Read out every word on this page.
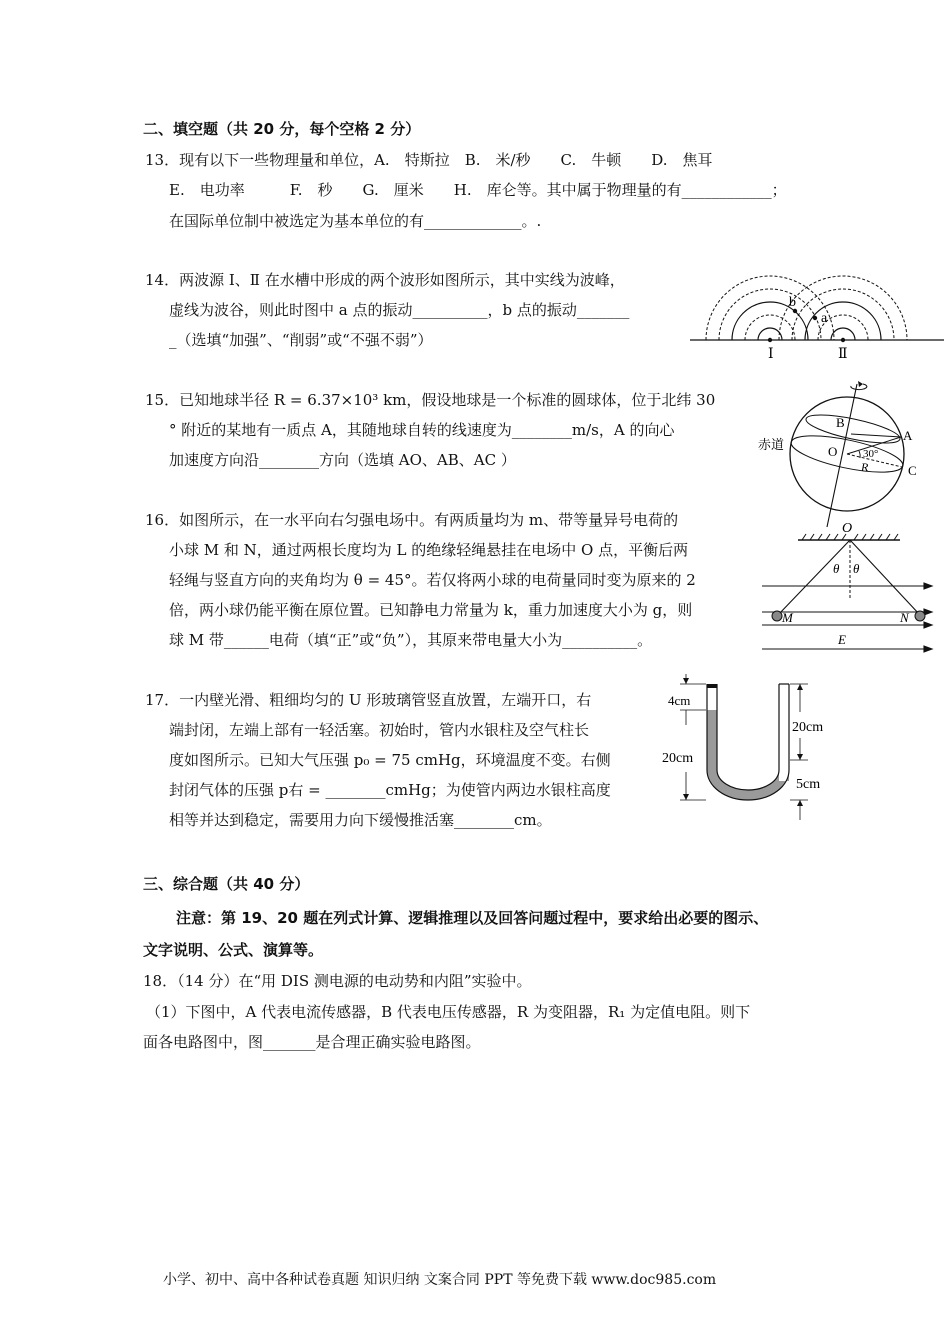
二、填空题（共 20 分，每个空格 2 分）
13．现有以下一些物理量和单位，A.　特斯拉　B.　米/秒　　C.　牛顿　　D.　焦耳
E.　电功率　　　F.　秒　　G.　厘米　　H.　库仑等。其中属于物理量的有____________；
在国际单位制中被选定为基本单位的有_____________。.
14．两波源 Ⅰ、Ⅱ 在水槽中形成的两个波形如图所示，其中实线为波峰，
虚线为波谷，则此时图中 a 点的振动__________，b 点的振动_______
_（选填“加强”、“削弱”或“不强不弱”）
b
a
Ⅰ	Ⅱ
15．已知地球半径 R = 6.37×10³ km，假设地球是一个标准的圆球体，位于北纬 30
° 附近的某地有一质点 A，其随地球自转的线速度为________m/s，A 的向心
加速度方向沿________方向（选填 AO、AB、AC ）
赤道
B
A
O 30°
R	C
16．如图所示，在一水平向右匀强电场中。有两质量均为 m、带等量异号电荷的
小球 M 和 N，通过两根长度均为 L 的绝缘轻绳悬挂在电场中 O 点，平衡后两
轻绳与竖直方向的夹角均为 θ = 45°。若仅将两小球的电荷量同时变为原来的 2
倍，两小球仍能平衡在原位置。已知静电力常量为 k，重力加速度大小为 g，则
球 M 带______电荷（填“正”或“负”），其原来带电量大小为__________。
O
θ θ
M	N
E
17．一内壁光滑、粗细均匀的 U 形玻璃管竖直放置，左端开口，右
端封闭，左端上部有一轻活塞。初始时，管内水银柱及空气柱长
度如图所示。已知大气压强 p₀ = 75 cmHg，环境温度不变。右侧
封闭气体的压强 p右 = ________cmHg；为使管内两边水银柱高度
相等并达到稳定，需要用力向下缓慢推活塞________cm。
4cm
20cm
20cm
5cm
三、综合题（共 40 分）
注意：第 19、20 题在列式计算、逻辑推理以及回答问题过程中，要求给出必要的图示、
文字说明、公式、演算等。
18．（14 分）在“用 DIS 测电源的电动势和内阻”实验中。
（1）下图中，A 代表电流传感器，B 代表电压传感器，R 为变阻器，R₁ 为定值电阻。则下
面各电路图中，图_______是合理正确实验电路图。
小学、初中、高中各种试卷真题 知识归纳 文案合同 PPT 等免费下载 www.doc985.com
